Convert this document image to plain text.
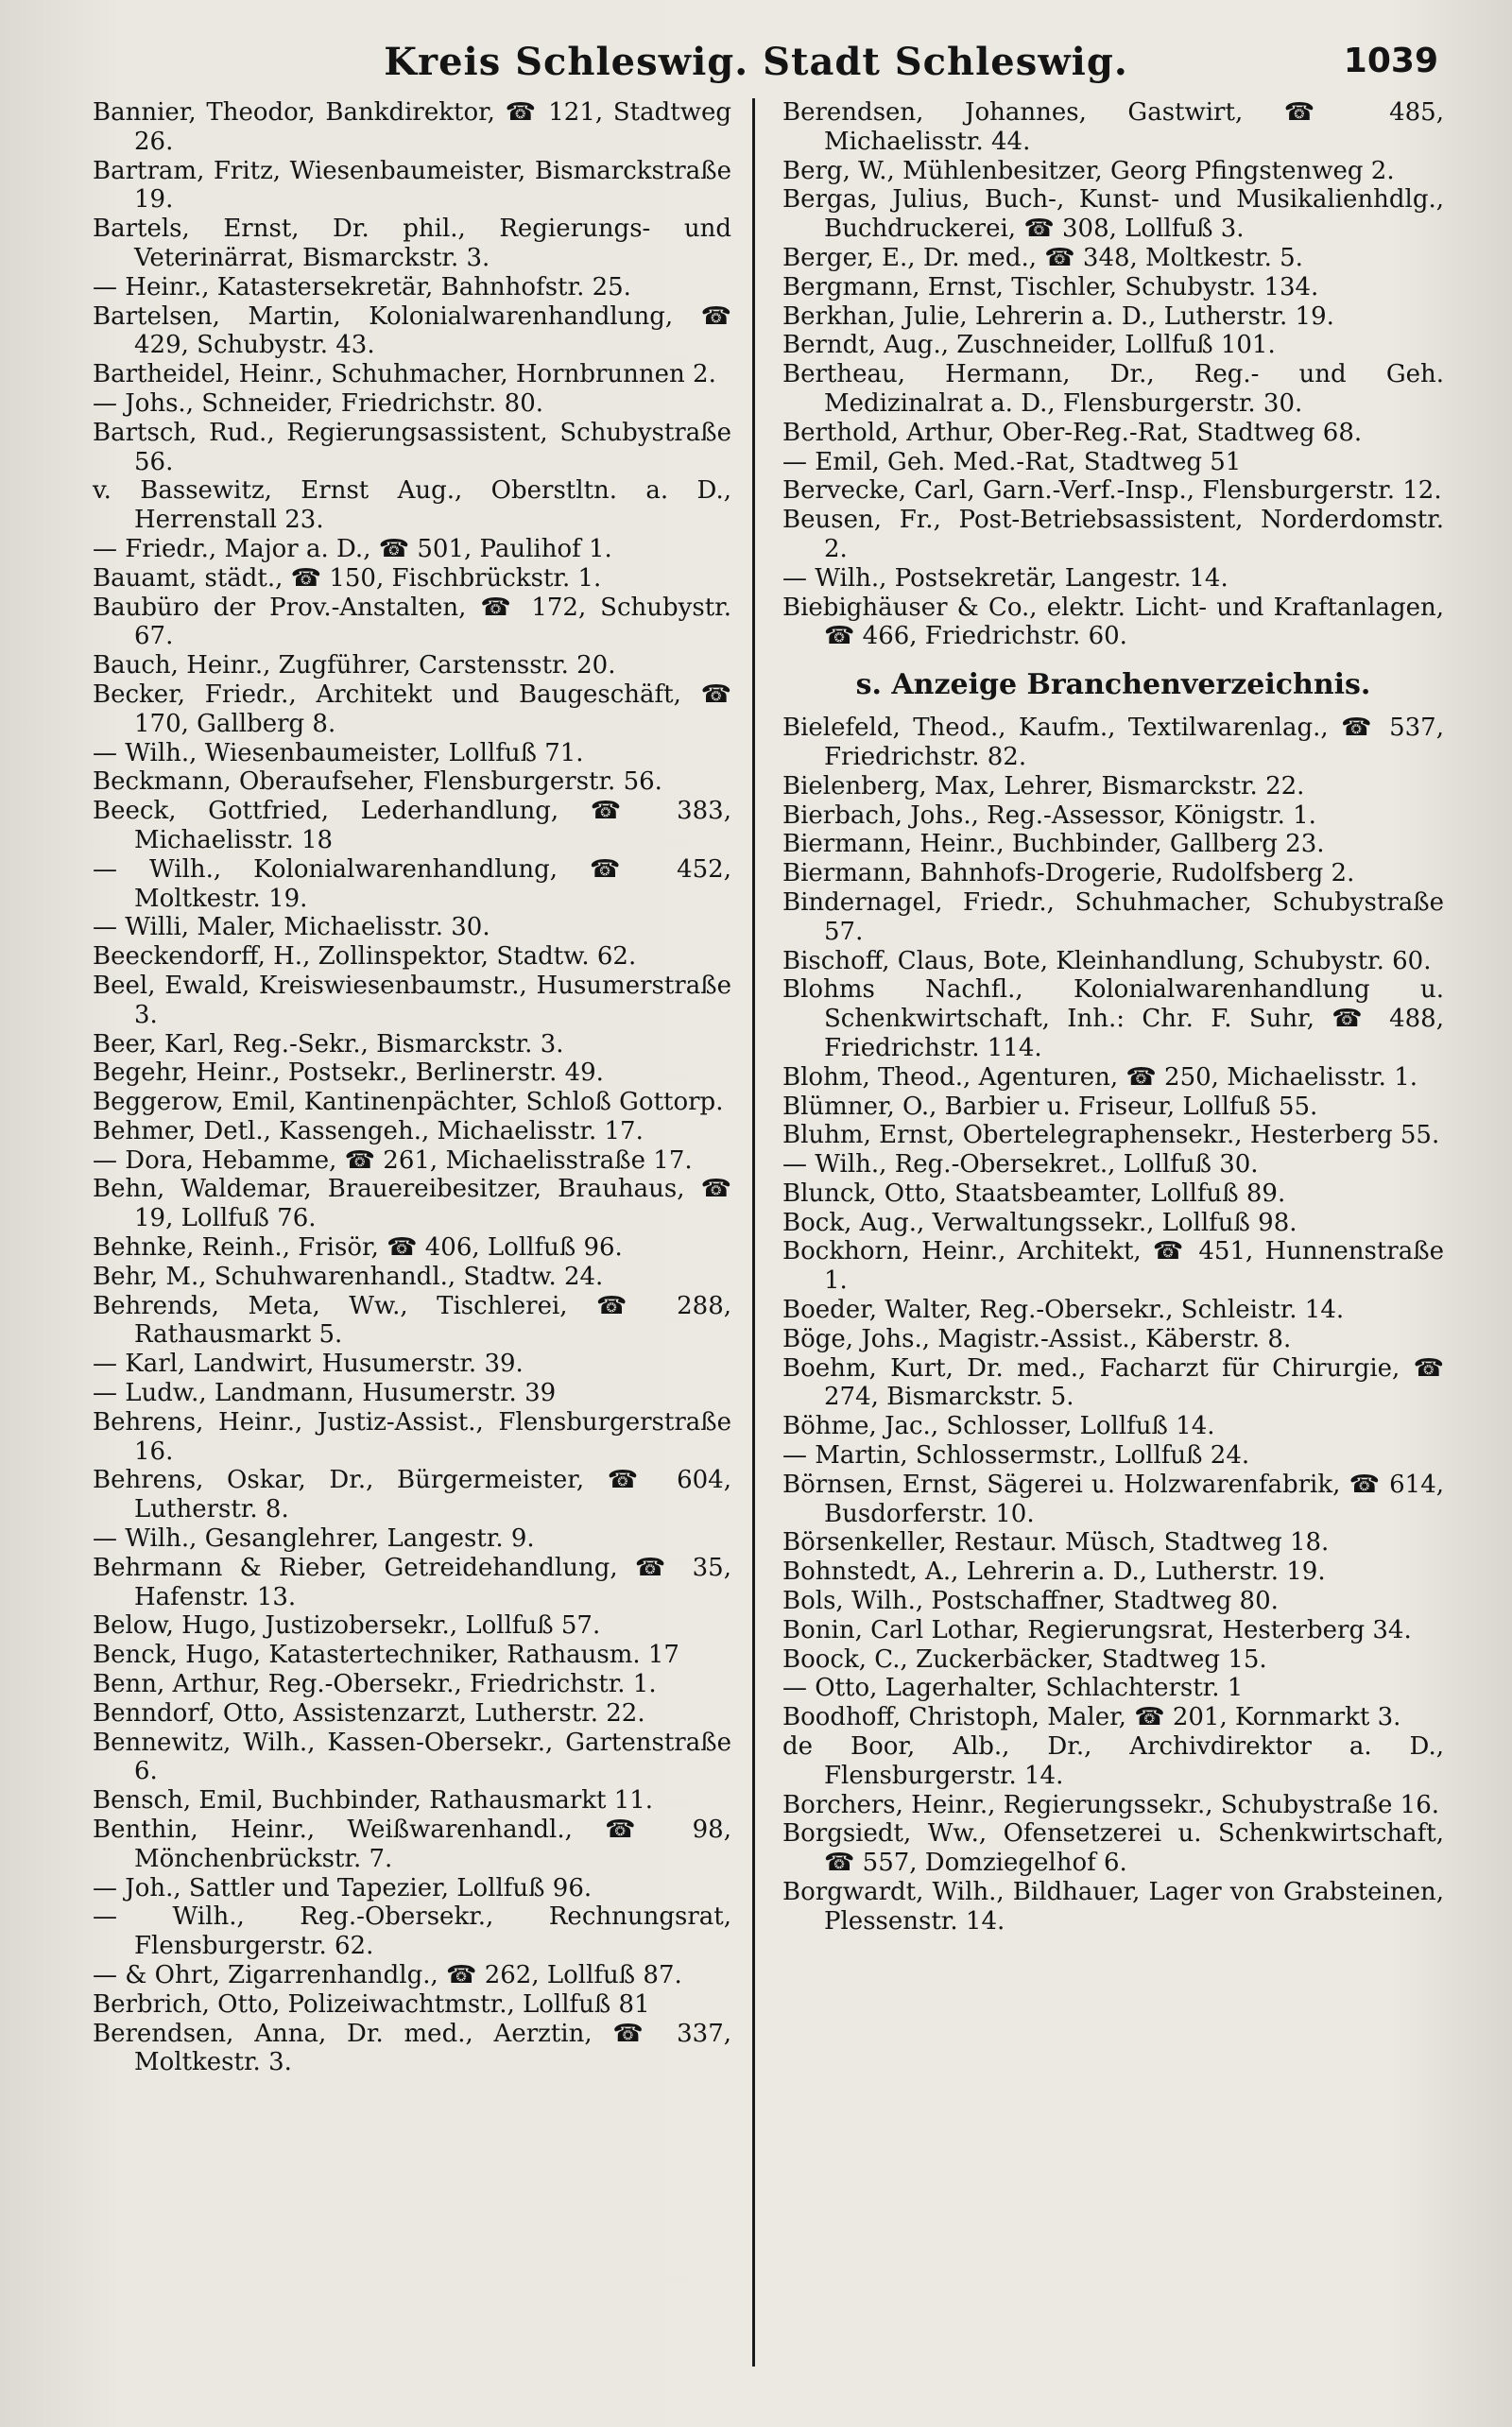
Kreis Schleswig. Stadt Schleswig.	1039

Bannier, Theodor, Bankdirektor, ☎ 121, Stadtweg 26.

Bartram, Fritz, Wiesenbaumeister, Bismarckstraße 19.

Bartels, Ernst, Dr. phil., Regierungs- und Veterinärrat, Bismarckstr. 3.

— Heinr., Katastersekretär, Bahnhofstr. 25.

Bartelsen, Martin, Kolonialwarenhandlung, ☎ 429, Schubystr. 43.

Bartheidel, Heinr., Schuhmacher, Hornbrunnen 2.

— Johs., Schneider, Friedrichstr. 80.

Bartsch, Rud., Regierungsassistent, Schubystraße 56.

v. Bassewitz, Ernst Aug., Oberstltn. a. D., Herrenstall 23.

— Friedr., Major a. D., ☎ 501, Paulihof 1.

Bauamt, städt., ☎ 150, Fischbrückstr. 1.

Baubüro der Prov.-Anstalten, ☎ 172, Schubystr. 67.

Bauch, Heinr., Zugführer, Carstensstr. 20.

Becker, Friedr., Architekt und Baugeschäft, ☎ 170, Gallberg 8.

— Wilh., Wiesenbaumeister, Lollfuß 71.

Beckmann, Oberaufseher, Flensburgerstr. 56.

Beeck, Gottfried, Lederhandlung, ☎ 383, Michaelisstr. 18

— Wilh., Kolonialwarenhandlung, ☎ 452, Moltkestr. 19.

— Willi, Maler, Michaelisstr. 30.

Beeckendorff, H., Zollinspektor, Stadtw. 62.

Beel, Ewald, Kreiswiesenbaumstr., Husumerstraße 3.

Beer, Karl, Reg.-Sekr., Bismarckstr. 3.

Begehr, Heinr., Postsekr., Berlinerstr. 49.

Beggerow, Emil, Kantinenpächter, Schloß Gottorp.

Behmer, Detl., Kassengeh., Michaelisstr. 17.

— Dora, Hebamme, ☎ 261, Michaelisstraße 17.

Behn, Waldemar, Brauereibesitzer, Brauhaus, ☎ 19, Lollfuß 76.

Behnke, Reinh., Frisör, ☎ 406, Lollfuß 96.

Behr, M., Schuhwarenhandl., Stadtw. 24.

Behrends, Meta, Ww., Tischlerei, ☎ 288, Rathausmarkt 5.

— Karl, Landwirt, Husumerstr. 39.

— Ludw., Landmann, Husumerstr. 39

Behrens, Heinr., Justiz-Assist., Flensburgerstraße 16.

Behrens, Oskar, Dr., Bürgermeister, ☎ 604, Lutherstr. 8.

— Wilh., Gesanglehrer, Langestr. 9.

Behrmann & Rieber, Getreidehandlung, ☎ 35, Hafenstr. 13.

Below, Hugo, Justizobersekr., Lollfuß 57.

Benck, Hugo, Katastertechniker, Rathausm. 17

Benn, Arthur, Reg.-Obersekr., Friedrichstr. 1.

Benndorf, Otto, Assistenzarzt, Lutherstr. 22.

Bennewitz, Wilh., Kassen-Obersekr., Gartenstraße 6.

Bensch, Emil, Buchbinder, Rathausmarkt 11.

Benthin, Heinr., Weißwarenhandl., ☎ 98, Mönchenbrückstr. 7.

— Joh., Sattler und Tapezier, Lollfuß 96.

— Wilh., Reg.-Obersekr., Rechnungsrat, Flensburgerstr. 62.

— & Ohrt, Zigarrenhandlg., ☎ 262, Lollfuß 87.

Berbrich, Otto, Polizeiwachtmstr., Lollfuß 81

Berendsen, Anna, Dr. med., Aerztin, ☎ 337, Moltkestr. 3.

Berendsen, Johannes, Gastwirt, ☎ 485, Michaelisstr. 44.

Berg, W., Mühlenbesitzer, Georg Pfingstenweg 2.

Bergas, Julius, Buch-, Kunst- und Musikalienhdlg., Buchdruckerei, ☎ 308, Lollfuß 3.

Berger, E., Dr. med., ☎ 348, Moltkestr. 5.

Bergmann, Ernst, Tischler, Schubystr. 134.

Berkhan, Julie, Lehrerin a. D., Lutherstr. 19.

Berndt, Aug., Zuschneider, Lollfuß 101.

Bertheau, Hermann, Dr., Reg.- und Geh. Medizinalrat a. D., Flensburgerstr. 30.

Berthold, Arthur, Ober-Reg.-Rat, Stadtweg 68.

— Emil, Geh. Med.-Rat, Stadtweg 51

Bervecke, Carl, Garn.-Verf.-Insp., Flensburgerstr. 12.

Beusen, Fr., Post-Betriebsassistent, Norderdomstr. 2.

— Wilh., Postsekretär, Langestr. 14.

Biebighäuser & Co., elektr. Licht- und Kraftanlagen, ☎ 466, Friedrichstr. 60.

s. Anzeige Branchenverzeichnis.

Bielefeld, Theod., Kaufm., Textilwarenlag., ☎ 537, Friedrichstr. 82.

Bielenberg, Max, Lehrer, Bismarckstr. 22.

Bierbach, Johs., Reg.-Assessor, Königstr. 1.

Biermann, Heinr., Buchbinder, Gallberg 23.

Biermann, Bahnhofs-Drogerie, Rudolfsberg 2.

Bindernagel, Friedr., Schuhmacher, Schubystraße 57.

Bischoff, Claus, Bote, Kleinhandlung, Schubystr. 60.

Blohms Nachfl., Kolonialwarenhandlung u. Schenkwirtschaft, Inh.: Chr. F. Suhr, ☎ 488, Friedrichstr. 114.

Blohm, Theod., Agenturen, ☎ 250, Michaelisstr. 1.

Blümner, O., Barbier u. Friseur, Lollfuß 55.

Bluhm, Ernst, Obertelegraphensekr., Hesterberg 55.

— Wilh., Reg.-Obersekret., Lollfuß 30.

Blunck, Otto, Staatsbeamter, Lollfuß 89.

Bock, Aug., Verwaltungssekr., Lollfuß 98.

Bockhorn, Heinr., Architekt, ☎ 451, Hunnenstraße 1.

Boeder, Walter, Reg.-Obersekr., Schleistr. 14.

Böge, Johs., Magistr.-Assist., Käberstr. 8.

Boehm, Kurt, Dr. med., Facharzt für Chirurgie, ☎ 274, Bismarckstr. 5.

Böhme, Jac., Schlosser, Lollfuß 14.

— Martin, Schlossermstr., Lollfuß 24.

Börnsen, Ernst, Sägerei u. Holzwarenfabrik, ☎ 614, Busdorferstr. 10.

Börsenkeller, Restaur. Müsch, Stadtweg 18.

Bohnstedt, A., Lehrerin a. D., Lutherstr. 19.

Bols, Wilh., Postschaffner, Stadtweg 80.

Bonin, Carl Lothar, Regierungsrat, Hesterberg 34.

Boock, C., Zuckerbäcker, Stadtweg 15.

— Otto, Lagerhalter, Schlachterstr. 1

Boodhoff, Christoph, Maler, ☎ 201, Kornmarkt 3.

de Boor, Alb., Dr., Archivdirektor a. D., Flensburgerstr. 14.

Borchers, Heinr., Regierungssekr., Schubystraße 16.

Borgsiedt, Ww., Ofensetzerei u. Schenkwirtschaft, ☎ 557, Domziegelhof 6.

Borgwardt, Wilh., Bildhauer, Lager von Grabsteinen, Plessenstr. 14.
